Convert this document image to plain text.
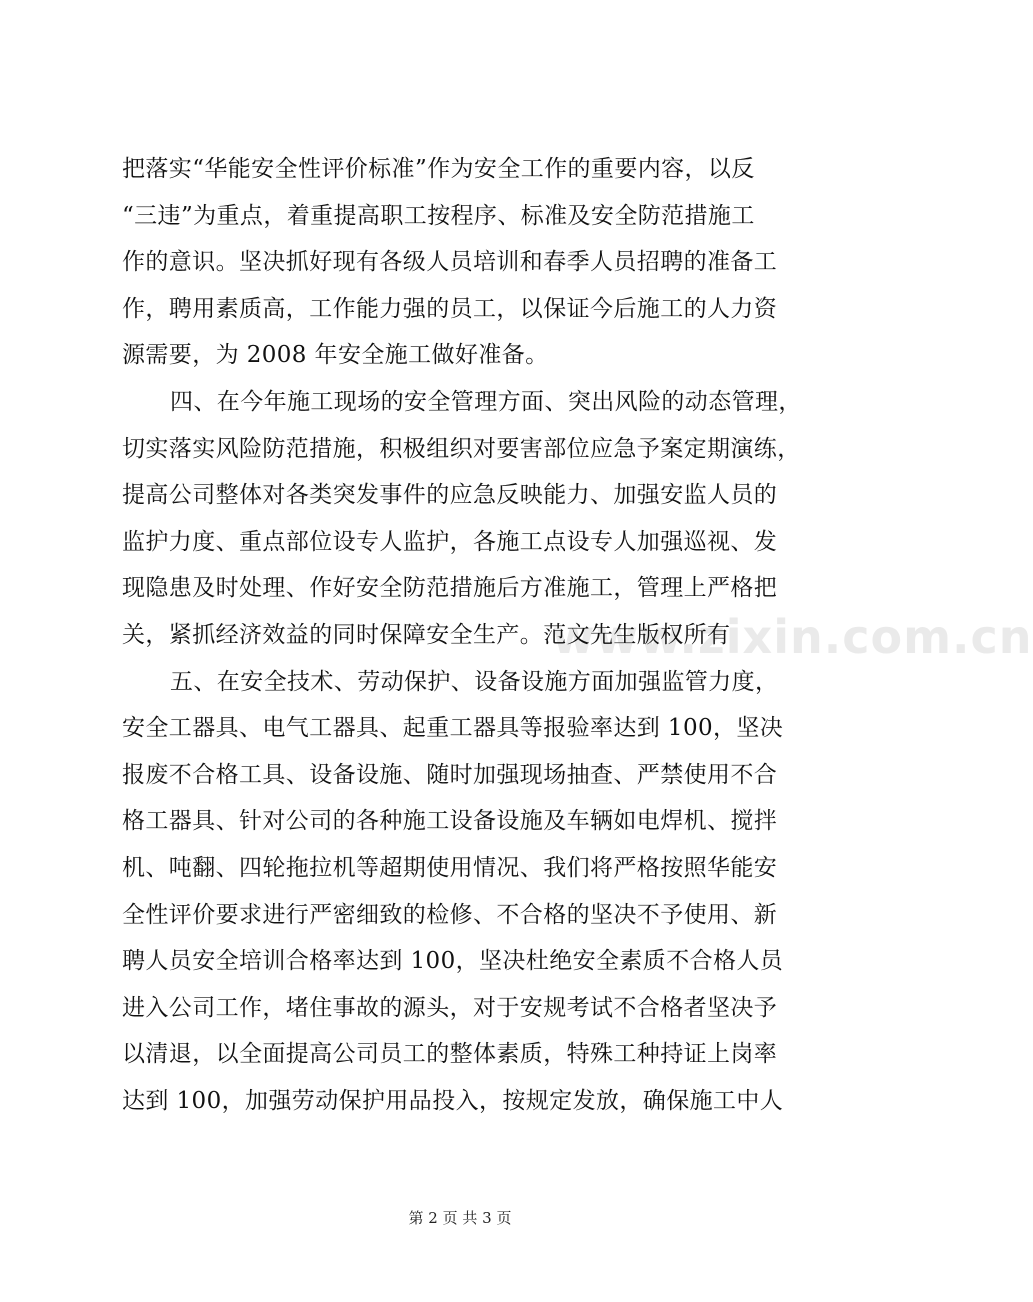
www.zixin.com.cn
把落实“华能安全性评价标准”作为安全工作的重要内容，以反
“三违”为重点，着重提高职工按程序、标准及安全防范措施工
作的意识。坚决抓好现有各级人员培训和春季人员招聘的准备工
作，聘用素质高，工作能力强的员工，以保证今后施工的人力资
源需要，为 2008 年安全施工做好准备。
四、在今年施工现场的安全管理方面、突出风险的动态管理，
切实落实风险防范措施，积极组织对要害部位应急予案定期演练，
提高公司整体对各类突发事件的应急反映能力、加强安监人员的
监护力度、重点部位设专人监护，各施工点设专人加强巡视、发
现隐患及时处理、作好安全防范措施后方准施工，管理上严格把
关，紧抓经济效益的同时保障安全生产。范文先生版权所有
五、在安全技术、劳动保护、设备设施方面加强监管力度，
安全工器具、电气工器具、起重工器具等报验率达到 100，坚决
报废不合格工具、设备设施、随时加强现场抽查、严禁使用不合
格工器具、针对公司的各种施工设备设施及车辆如电焊机、搅拌
机、吨翻、四轮拖拉机等超期使用情况、我们将严格按照华能安
全性评价要求进行严密细致的检修、不合格的坚决不予使用、新
聘人员安全培训合格率达到 100，坚决杜绝安全素质不合格人员
进入公司工作，堵住事故的源头，对于安规考试不合格者坚决予
以清退，以全面提高公司员工的整体素质，特殊工种持证上岗率
达到 100，加强劳动保护用品投入，按规定发放，确保施工中人
第 2 页 共 3 页
